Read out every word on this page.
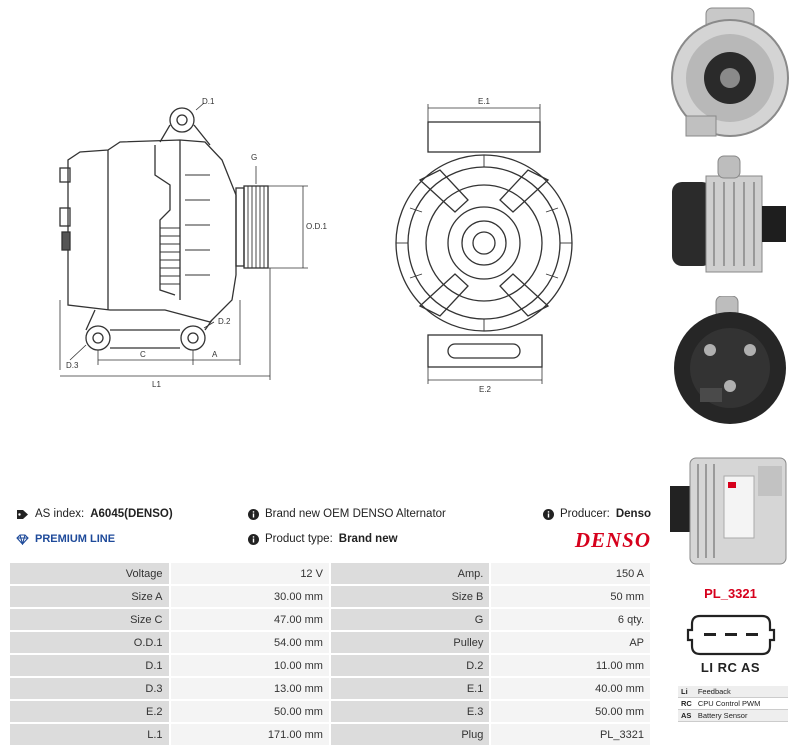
D.1
G
O.D.1
D.2
D.3
C	A
L1
E.1
E.2
AS index: A6045(DENSO)
PREMIUM LINE
Brand new OEM DENSO Alternator
Product type: Brand new
Producer: Denso
DENSO
Voltage	12 V	Amp.	150 A
Size A	30.00 mm	Size B	50 mm
Size C	47.00 mm	G	6 qty.
O.D.1	54.00 mm	Pulley	AP
D.1	10.00 mm	D.2	11.00 mm
D.3	13.00 mm	E.1	40.00 mm
E.2	50.00 mm	E.3	50.00 mm
L.1	171.00 mm	Plug	PL_3321
PL_3321
LI RC AS
Li	Feedback
RC	CPU Control PWM
AS	Battery Sensor
